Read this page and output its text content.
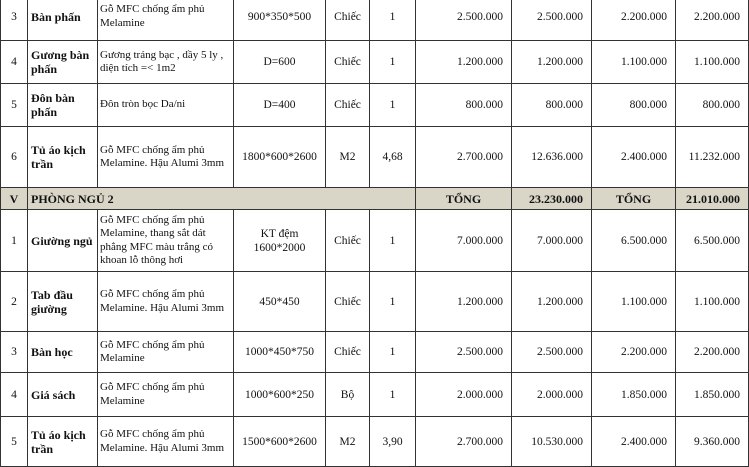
3	Bàn phấn	Gỗ MFC chống ẩm phủ Melamine	900*350*500	Chiếc	1	2.500.000	2.500.000	2.200.000	2.200.000
4	Gương bàn phấn	Gương tráng bạc , dầy 5 ly , diện tích =< 1m2	D=600	Chiếc	1	1.200.000	1.200.000	1.100.000	1.100.000
5	Đôn bàn phấn	Đôn tròn bọc Da/ni	D=400	Chiếc	1	800.000	800.000	800.000	800.000
6	Tủ áo kịch trần	Gỗ MFC chống ẩm phủ Melamine. Hậu Alumi 3mm	1800*600*2600	M2	4,68	2.700.000	12.636.000	2.400.000	11.232.000
V	PHÒNG NGỦ 2					TỔNG	23.230.000	TỔNG	21.010.000
1	Giường ngủ	Gỗ MFC chống ẩm phủ Melamine, thang sắt dát phẳng MFC màu trắng có khoan lỗ thông hơi	KT đệm 1600*2000	Chiếc	1	7.000.000	7.000.000	6.500.000	6.500.000
2	Tab đầu giường	Gỗ MFC chống ẩm phủ Melamine. Hậu Alumi 3mm	450*450	Chiếc	1	1.200.000	1.200.000	1.100.000	1.100.000
3	Bàn học	Gỗ MFC chống ẩm phủ Melamine	1000*450*750	Chiếc	1	2.500.000	2.500.000	2.200.000	2.200.000
4	Giá sách	Gỗ MFC chống ẩm phủ Melamine	1000*600*250	Bộ	1	2.000.000	2.000.000	1.850.000	1.850.000
5	Tủ áo kịch trần	Gỗ MFC chống ẩm phủ Melamine. Hậu Alumi 3mm	1500*600*2600	M2	3,90	2.700.000	10.530.000	2.400.000	9.360.000
